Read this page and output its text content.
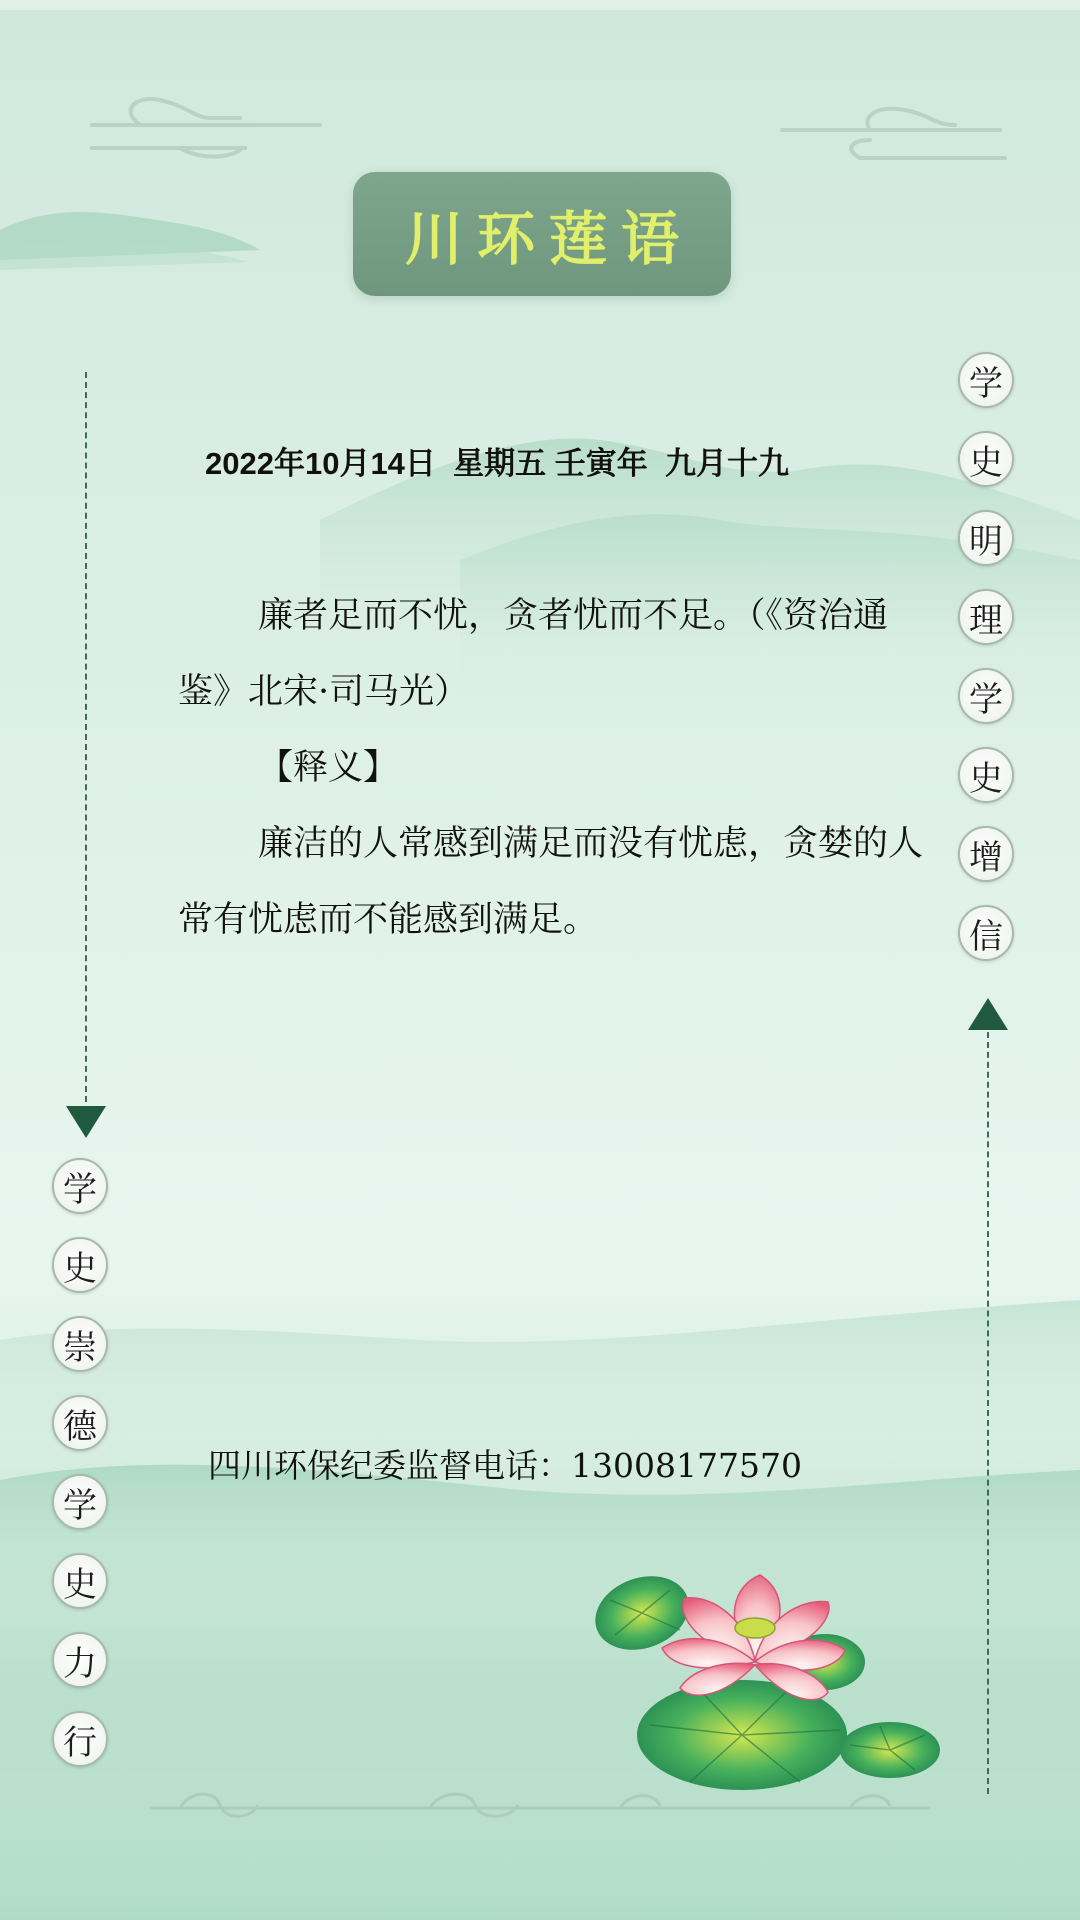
川环莲语
2022年10月14日  星期五 壬寅年  九月十九

廉者足而不忧，贪者忧而不足。（《资治通鉴》北宋·司马光）

【释义】

廉洁的人常感到满足而没有忧虑，贪婪的人常有忧虑而不能感到满足。

四川环保纪委监督电话：13008177570
学
史
明
理
学
史
增
信
学
史
崇
德
学
史
力
行
